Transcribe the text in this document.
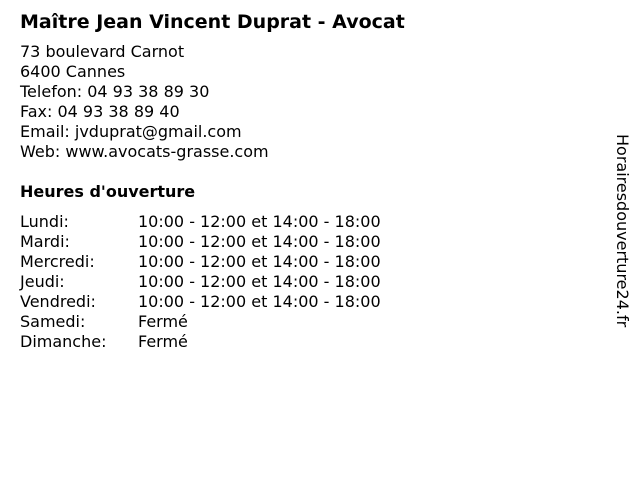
Maître Jean Vincent Duprat - Avocat
73 boulevard Carnot
6400 Cannes
Telefon: 04 93 38 89 30
Fax: 04 93 38 89 40
Email: jvduprat@gmail.com
Web: www.avocats-grasse.com
Heures d'ouverture
Lundi:	10:00 - 12:00 et 14:00 - 18:00
Mardi:	10:00 - 12:00 et 14:00 - 18:00
Mercredi:	10:00 - 12:00 et 14:00 - 18:00
Jeudi:	10:00 - 12:00 et 14:00 - 18:00
Vendredi:	10:00 - 12:00 et 14:00 - 18:00
Samedi:	Fermé
Dimanche:	Fermé
Horairesdouverture24.fr
